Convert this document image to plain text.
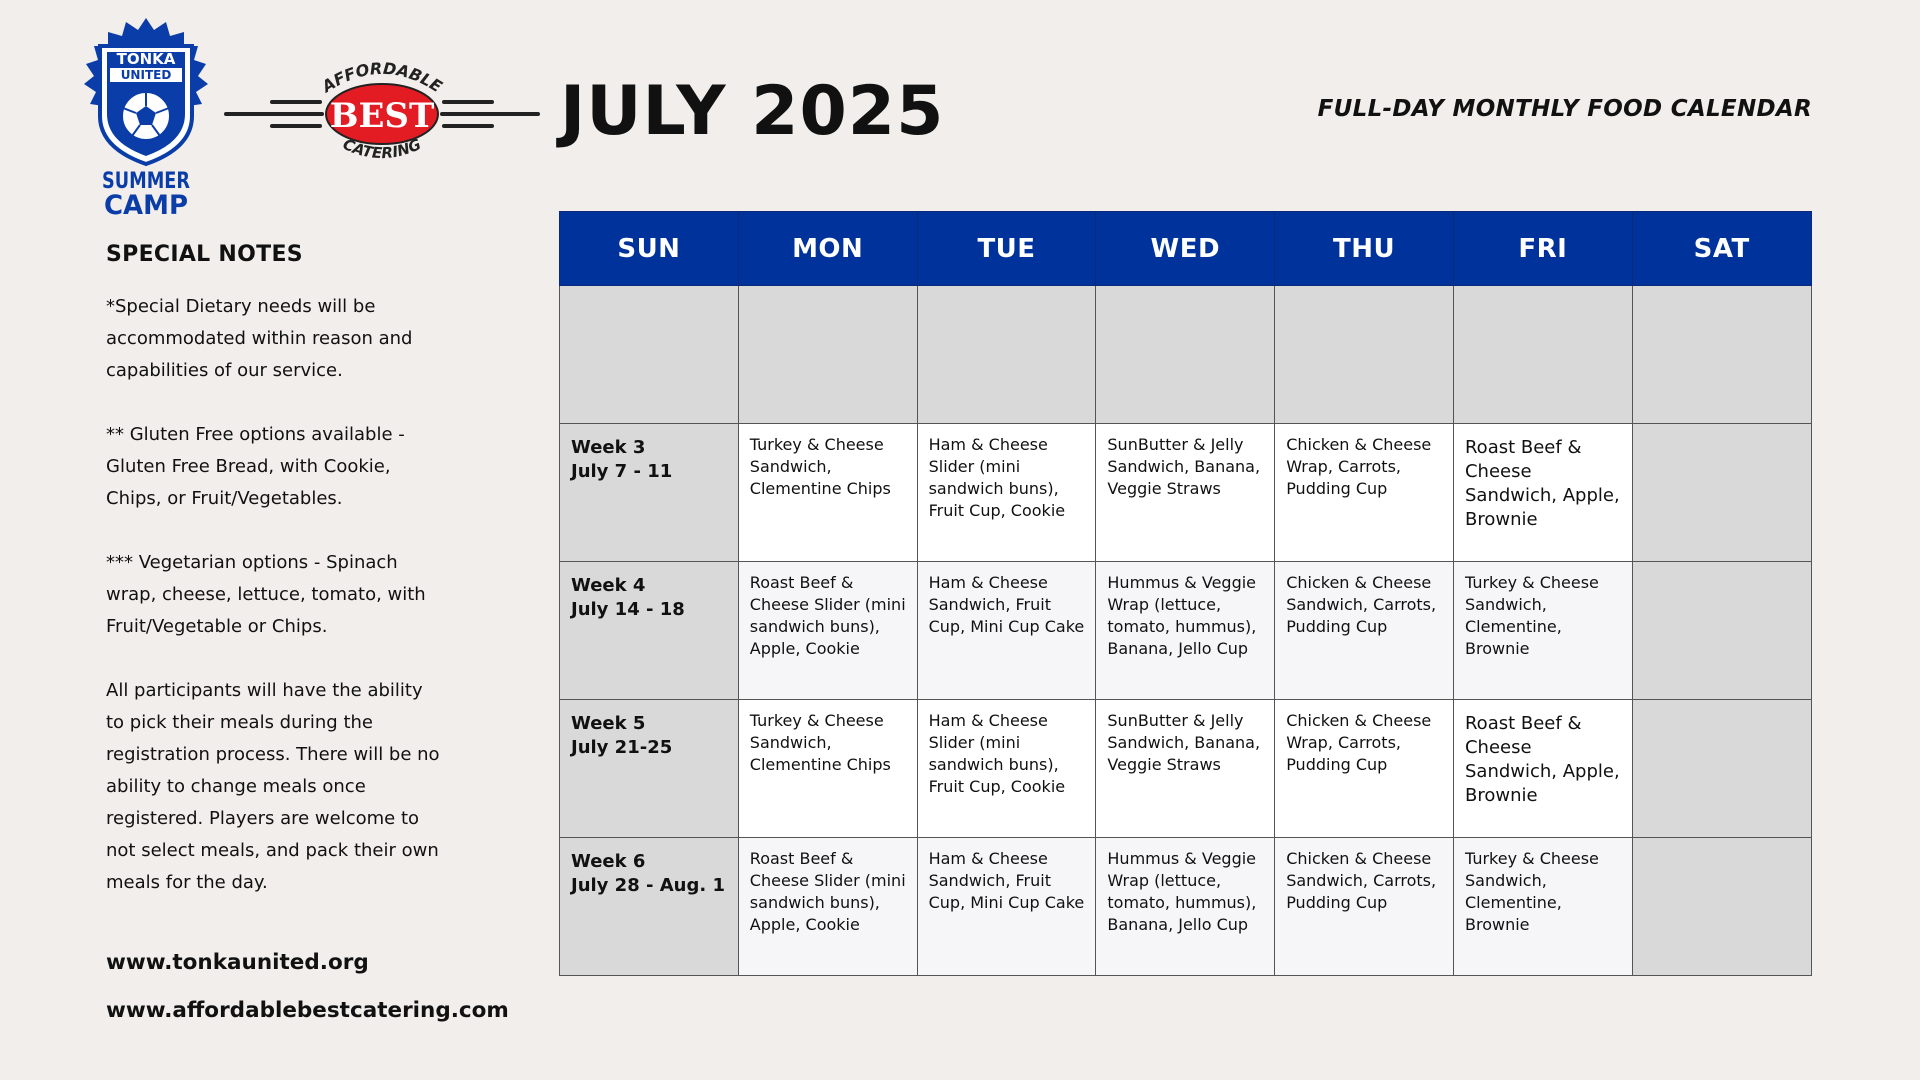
TONKA
UNITED
SUMMER
CAMP
BEST
AFFORDABLE
CATERING JULY 2025	FULL-DAY MONTHLY FOOD CALENDAR
SPECIAL NOTES

*Special Dietary needs will be accommodated within reason and capabilities of our service.

** Gluten Free options available - Gluten Free Bread, with Cookie, Chips, or Fruit/Vegetables.

*** Vegetarian options - Spinach wrap, cheese, lettuce, tomato, with Fruit/Vegetable or Chips.

All participants will have the ability to pick their meals during the registration process. There will be no ability to change meals once registered. Players are welcome to not select meals, and pack their own meals for the day.

www.tonkaunited.org
www.affordablebestcatering.com
SUN	MON	TUE	WED	THU	FRI	SAT

Week 3
July 7 - 11	Turkey & Cheese Sandwich, Clementine Chips	Ham & Cheese Slider (mini sandwich buns), Fruit Cup, Cookie	SunButter & Jelly Sandwich, Banana, Veggie Straws	Chicken & Cheese Wrap, Carrots, Pudding Cup	Roast Beef & Cheese Sandwich, Apple, Brownie	

Week 4
July 14 - 18	Roast Beef & Cheese Slider (mini sandwich buns), Apple, Cookie	Ham & Cheese Sandwich, Fruit Cup, Mini Cup Cake	Hummus & Veggie Wrap (lettuce, tomato, hummus), Banana, Jello Cup	Chicken & Cheese Sandwich, Carrots, Pudding Cup	Turkey & Cheese Sandwich, Clementine, Brownie	

Week 5
July 21-25	Turkey & Cheese Sandwich, Clementine Chips	Ham & Cheese Slider (mini sandwich buns), Fruit Cup, Cookie	SunButter & Jelly Sandwich, Banana, Veggie Straws	Chicken & Cheese Wrap, Carrots, Pudding Cup	Roast Beef & Cheese Sandwich, Apple, Brownie	

Week 6
July 28 - Aug. 1	Roast Beef & Cheese Slider (mini sandwich buns), Apple, Cookie	Ham & Cheese Sandwich, Fruit Cup, Mini Cup Cake	Hummus & Veggie Wrap (lettuce, tomato, hummus), Banana, Jello Cup	Chicken & Cheese Sandwich, Carrots, Pudding Cup	Turkey & Cheese Sandwich, Clementine, Brownie	
